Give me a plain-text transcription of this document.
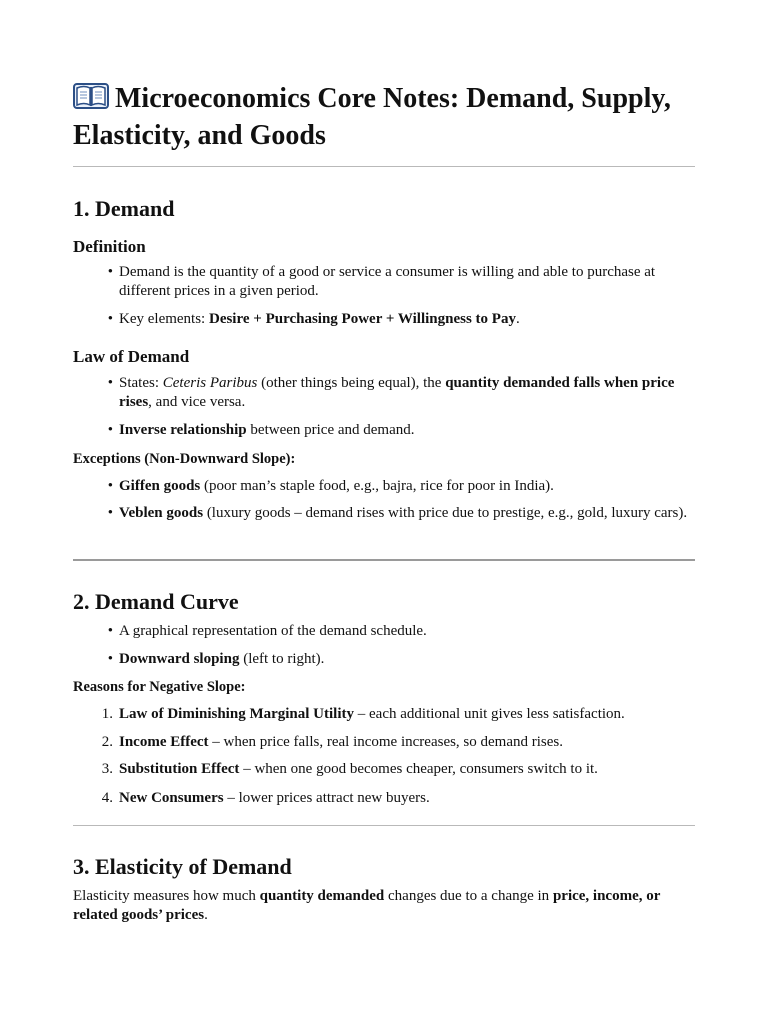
Microeconomics Core Notes: Demand, Supply, Elasticity, and Goods
1. Demand
Definition
• Demand is the quantity of a good or service a consumer is willing and able to purchase at different prices in a given period.
• Key elements: Desire + Purchasing Power + Willingness to Pay.
Law of Demand
• States: Ceteris Paribus (other things being equal), the quantity demanded falls when price rises, and vice versa.
• Inverse relationship between price and demand.
Exceptions (Non-Downward Slope):
• Giffen goods (poor man’s staple food, e.g., bajra, rice for poor in India).
• Veblen goods (luxury goods – demand rises with price due to prestige, e.g., gold, luxury cars).
2. Demand Curve
• A graphical representation of the demand schedule.
• Downward sloping (left to right).
Reasons for Negative Slope:
1. Law of Diminishing Marginal Utility – each additional unit gives less satisfaction.
2. Income Effect – when price falls, real income increases, so demand rises.
3. Substitution Effect – when one good becomes cheaper, consumers switch to it.
4. New Consumers – lower prices attract new buyers.
3. Elasticity of Demand
Elasticity measures how much quantity demanded changes due to a change in price, income, or related goods’ prices.
